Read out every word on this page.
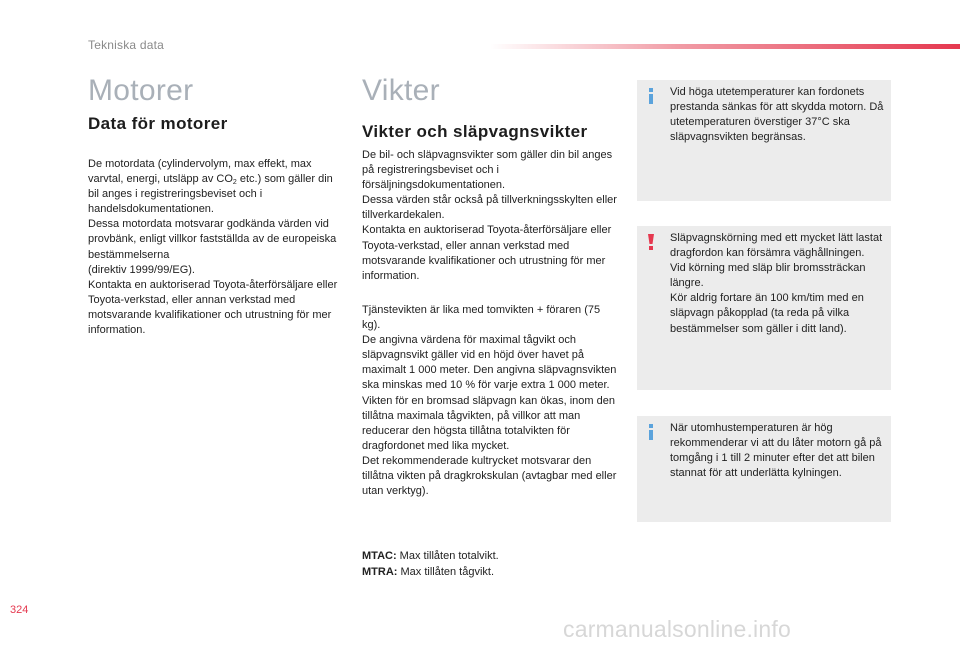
Tekniska data
Motorer
Data för motorer

De motordata (cylindervolym, max effekt, max varvtal, energi, utsläpp av $CO_2$ etc.) som gäller din bil anges i registreringsbeviset och i handelsdokumentationen.

Dessa motordata motsvarar godkända värden vid provbänk, enligt villkor fastställda av de europeiska bestämmelserna

(direktiv 1999/99/EG).

Kontakta en auktoriserad Toyota-återförsäljare eller Toyota-verkstad, eller annan verkstad med motsvarande kvalifikationer och utrustning för mer information.

Vikter
Vikter och släpvagnsvikter

De bil- och släpvagnsvikter som gäller din bil anges på registreringsbeviset och i försäljningsdokumentationen.

Dessa värden står också på tillverkningsskylten eller tillverkardekalen.

Kontakta en auktoriserad Toyota-återförsäljare eller Toyota-verkstad, eller annan verkstad med motsvarande kvalifikationer och utrustning för mer information.

Tjänstevikten är lika med tomvikten + föraren (75 kg).

De angivna värdena för maximal tågvikt och släpvagnsvikt gäller vid en höjd över havet på maximalt 1 000 meter. Den angivna släpvagnsvikten ska minskas med 10 % för varje extra 1 000 meter.

Vikten för en bromsad släpvagn kan ökas, inom den tillåtna maximala tågvikten, på villkor att man reducerar den högsta tillåtna totalvikten för dragfordonet med lika mycket.

Det rekommenderade kultrycket motsvarar den tillåtna vikten på dragkrokskulan (avtagbar med eller utan verktyg).

MTAC: Max tillåten totalvikt.
MTRA: Max tillåten tågvikt.

Vid höga utetemperaturer kan fordonets prestanda sänkas för att skydda motorn. Då utetemperaturen överstiger 37°C ska släpvagnsvikten begränsas.

Släpvagnskörning med ett mycket lätt lastat dragfordon kan försämra väghållningen.

Vid körning med släp blir bromssträckan längre.

Kör aldrig fortare än 100 km/tim med en släpvagn påkopplad (ta reda på vilka bestämmelser som gäller i ditt land).

När utomhustemperaturen är hög rekommenderar vi att du låter motorn gå på tomgång i 1 till 2 minuter efter det att bilen stannat för att underlätta kylningen.

324
carmanualsonline.info
